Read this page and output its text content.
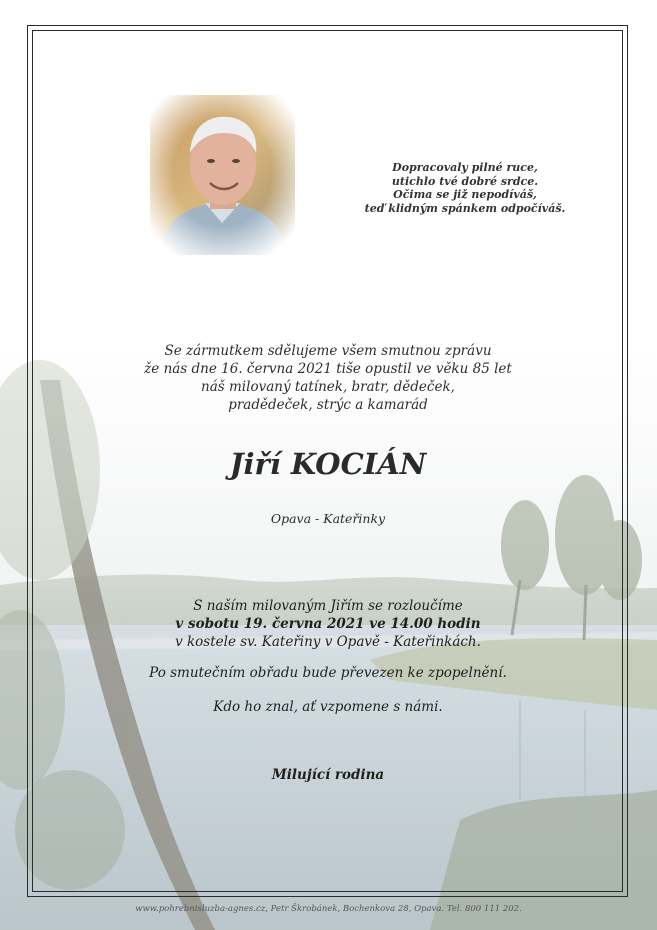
Dopracovaly pilné ruce,
utichlo tvé dobré srdce.
Očima se již nepodíváš,
teď klidným spánkem odpočíváš.
Se zármutkem sdělujeme všem smutnou zprávu
že nás dne 16. června 2021 tiše opustil ve věku 85 let
náš milovaný tatínek, bratr, dědeček,
pradědeček, strýc a kamarád
Jiří KOCIÁN
Opava - Kateřinky
S naším milovaným Jiřím se rozloučíme
v sobotu 19. června 2021 ve 14.00 hodin
v kostele sv. Kateřiny v Opavě - Kateřinkách.
Po smutečním obřadu bude převezen ke zpopelnění.
Kdo ho znal, ať vzpomene s námi.
Milující rodina
www.pohrebnisluzba-agnes.cz, Petr Škrobánek, Bochenkova 28, Opava. Tel. 800 111 202.
